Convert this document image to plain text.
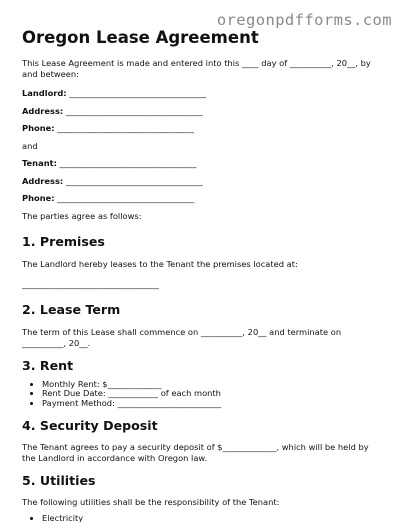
oregonpdfforms.com
Oregon Lease Agreement

This Lease Agreement is made and entered into this ____ day of __________, 20__, by and between:

Landlord: _________________________________
Address: _________________________________
Phone: _________________________________
and
Tenant: _________________________________
Address: _________________________________
Phone: _________________________________

The parties agree as follows:

1. Premises

The Landlord hereby leases to the Tenant the premises located at:

_________________________________
2. Lease Term

The term of this Lease shall commence on __________, 20__ and terminate on __________, 20__.

3. Rent
• Monthly Rent: $_____________
• Rent Due Date: ____________ of each month
• Payment Method: _________________________
4. Security Deposit

The Tenant agrees to pay a security deposit of $_____________, which will be held by the Landlord in accordance with Oregon law.

5. Utilities

The following utilities shall be the responsibility of the Tenant:

• Electricity
